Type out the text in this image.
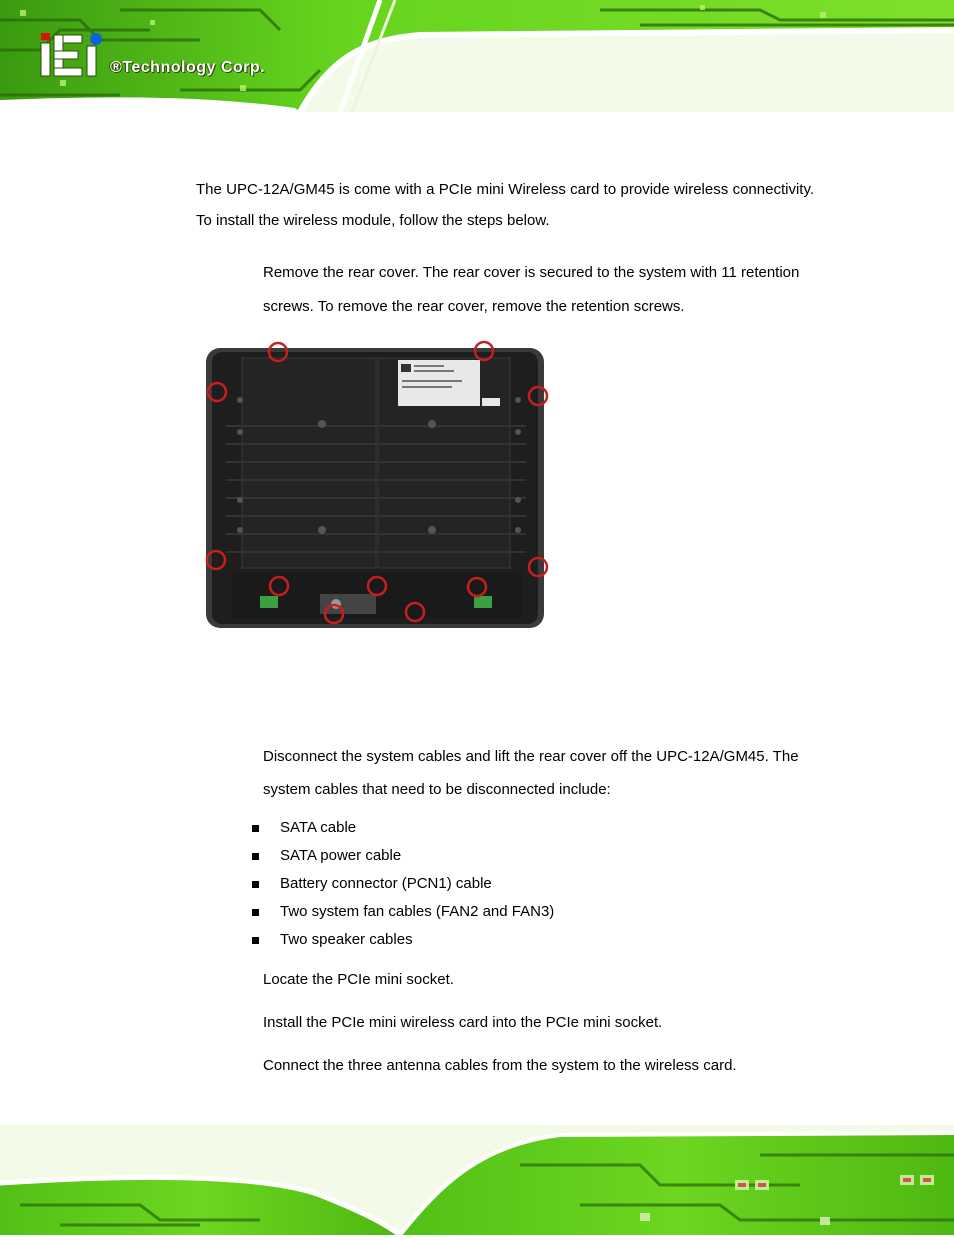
®Technology Corp.

The UPC-12A/GM45 is come with a PCIe mini Wireless card to provide wireless connectivity. To install the wireless module, follow the steps below.

Remove the rear cover. The rear cover is secured to the system with 11 retention screws. To remove the rear cover, remove the retention screws.

Disconnect the system cables and lift the rear cover off the UPC-12A/GM45. The system cables that need to be disconnected include:

SATA cable
SATA power cable
Battery connector (PCN1) cable
Two system fan cables (FAN2 and FAN3)
Two speaker cables

Locate the PCIe mini socket.

Install the PCIe mini wireless card into the PCIe mini socket.

Connect the three antenna cables from the system to the wireless card.
